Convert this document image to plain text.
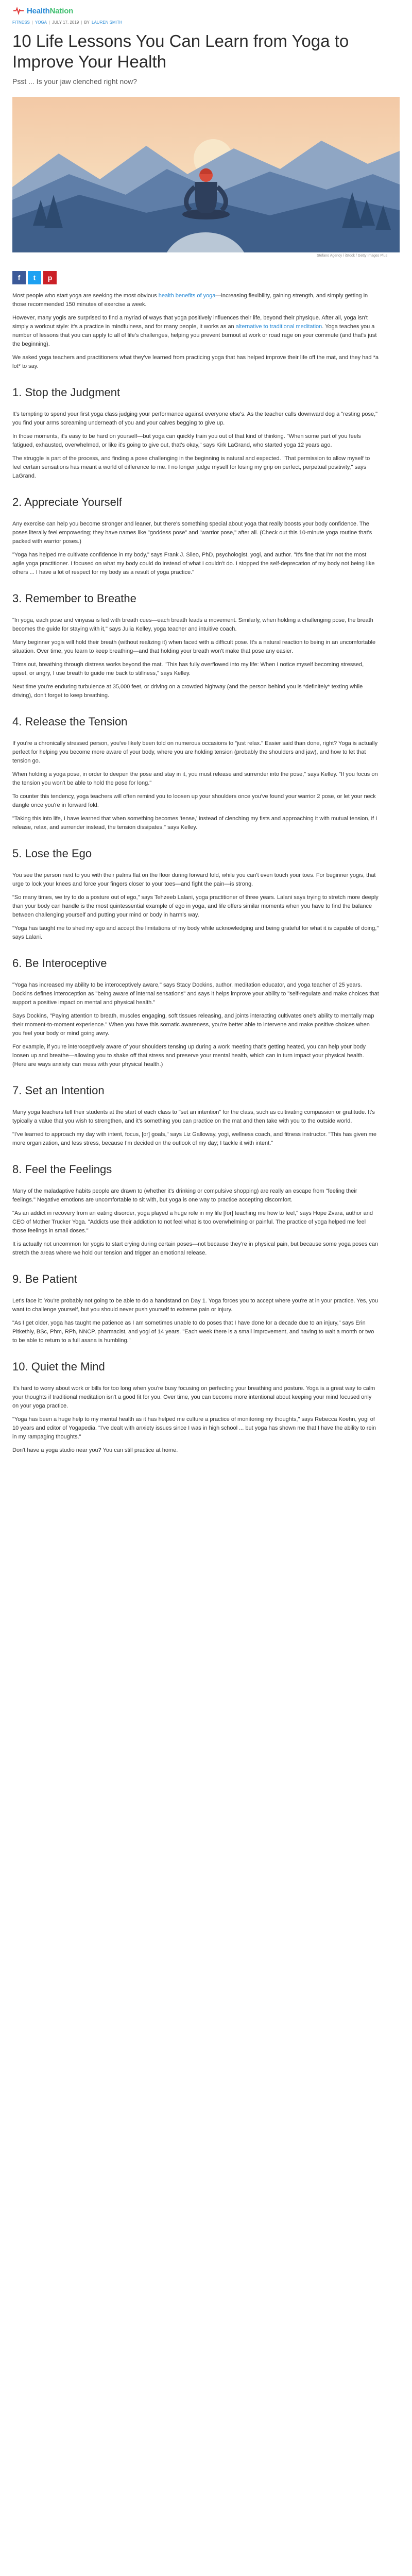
HealthNation
FITNESS | YOGA | JULY 17, 2019 | BY LAUREN SMITH
10 Life Lessons You Can Learn from Yoga to Improve Your Health
Psst ... Is your jaw clenched right now?
Stefano Agency / iStock / Getty Images Plus
f	t	p

Most people who start yoga are seeking the most obvious health benefits of yoga—increasing flexibility, gaining strength, and simply getting in those recommended 150 minutes of exercise a week.

However, many yogis are surprised to find a myriad of ways that yoga positively influences their life, beyond their physique. After all, yoga isn't simply a workout style: it's a practice in mindfulness, and for many people, it works as an alternative to traditional meditation. Yoga teaches you a number of lessons that you can apply to all of life's challenges, helping you prevent burnout at work or road rage on your commute (and that's just the beginning).

We asked yoga teachers and practitioners what they've learned from practicing yoga that has helped improve their life off the mat, and they had *a lot* to say.

1. Stop the Judgment

It's tempting to spend your first yoga class judging your performance against everyone else's. As the teacher calls downward dog a "resting pose," you find your arms screaming underneath of you and your calves begging to give up.

In those moments, it's easy to be hard on yourself—but yoga can quickly train you out of that kind of thinking. "When some part of you feels fatigued, exhausted, overwhelmed, or like it's going to give out, that's okay," says Kirk LaGrand, who started yoga 12 years ago.

The struggle is part of the process, and finding a pose challenging in the beginning is natural and expected. "That permission to allow myself to feel certain sensations has meant a world of difference to me. I no longer judge myself for losing my grip on perfect, perpetual positivity," says LaGrand.

2. Appreciate Yourself

Any exercise can help you become stronger and leaner, but there's something special about yoga that really boosts your body confidence. The poses literally feel empowering; they have names like "goddess pose" and "warrior pose," after all. (Check out this 10-minute yoga routine that's packed with warrior poses.)

"Yoga has helped me cultivate confidence in my body," says Frank J. Sileo, PhD, psychologist, yogi, and author. "It's fine that I'm not the most agile yoga practitioner. I focused on what my body could do instead of what I couldn't do. I stopped the self-deprecation of my body not being like others ... I have a lot of respect for my body as a result of yoga practice."

3. Remember to Breathe

"In yoga, each pose and vinyasa is led with breath cues—each breath leads a movement. Similarly, when holding a challenging pose, the breath becomes the guide for staying with it," says Julia Kelley, yoga teacher and intuitive coach.

Many beginner yogis will hold their breath (without realizing it) when faced with a difficult pose. It's a natural reaction to being in an uncomfortable situation. Over time, you learn to keep breathing—and that holding your breath won't make that pose any easier.

Trims out, breathing through distress works beyond the mat. "This has fully overflowed into my life: When I notice myself becoming stressed, upset, or angry, I use breath to guide me back to stillness," says Kelley.

Next time you're enduring turbulence at 35,000 feet, or driving on a crowded highway (and the person behind you is *definitely* texting while driving), don't forget to keep breathing.

4. Release the Tension

If you're a chronically stressed person, you've likely been told on numerous occasions to "just relax." Easier said than done, right? Yoga is actually perfect for helping you become more aware of your body, where you are holding tension (probably the shoulders and jaw), and how to let that tension go.

When holding a yoga pose, in order to deepen the pose and stay in it, you must release and surrender into the pose," says Kelley. "If you focus on the tension you won't be able to hold the pose for long."

To counter this tendency, yoga teachers will often remind you to loosen up your shoulders once you've found your warrior 2 pose, or let your neck dangle once you're in forward fold.

"Taking this into life, I have learned that when something becomes 'tense,' instead of clenching my fists and approaching it with mutual tension, if I release, relax, and surrender instead, the tension dissipates," says Kelley.

5. Lose the Ego

You see the person next to you with their palms flat on the floor during forward fold, while you can't even touch your toes. For beginner yogis, that urge to lock your knees and force your fingers closer to your toes—and fight the pain—is strong.

"So many times, we try to do a posture out of ego," says Tehzeeb Lalani, yoga practitioner of three years. Lalani says trying to stretch more deeply than your body can handle is the most quintessential example of ego in yoga, and life offers similar moments when you have to find the balance between challenging yourself and putting your mind or body in harm's way.

"Yoga has taught me to shed my ego and accept the limitations of my body while acknowledging and being grateful for what it is capable of doing," says Lalani.

6. Be Interoceptive

"Yoga has increased my ability to be interoceptively aware," says Stacy Dockins, author, meditation educator, and yoga teacher of 25 years. Dockins defines interoception as "being aware of internal sensations" and says it helps improve your ability to "self-regulate and make choices that support a positive impact on mental and physical health."

Says Dockins, "Paying attention to breath, muscles engaging, soft tissues releasing, and joints interacting cultivates one's ability to mentally map their moment-to-moment experience." When you have this somatic awareness, you're better able to intervene and make positive choices when you feel your body or mind going awry.

For example, if you're interoceptively aware of your shoulders tensing up during a work meeting that's getting heated, you can help your body loosen up and breathe—allowing you to shake off that stress and preserve your mental health, which can in turn impact your physical health. (Here are ways anxiety can mess with your physical health.)

7. Set an Intention

Many yoga teachers tell their students at the start of each class to "set an intention" for the class, such as cultivating compassion or gratitude. It's typically a value that you wish to strengthen, and it's something you can practice on the mat and then take with you to the outside world.

"I've learned to approach my day with intent, focus, [or] goals," says Liz Galloway, yogi, wellness coach, and fitness instructor. "This has given me more organization, and less stress, because I'm decided on the outlook of my day; I tackle it with intent."

8. Feel the Feelings

Many of the maladaptive habits people are drawn to (whether it's drinking or compulsive shopping) are really an escape from "feeling their feelings." Negative emotions are uncomfortable to sit with, but yoga is one way to practice accepting discomfort.

"As an addict in recovery from an eating disorder, yoga played a huge role in my life [for] teaching me how to feel," says Hope Zvara, author and CEO of Mother Trucker Yoga. "Addicts use their addiction to not feel what is too overwhelming or painful. The practice of yoga helped me feel those feelings in small doses."

It is actually not uncommon for yogis to start crying during certain poses—not because they're in physical pain, but because some yoga poses can stretch the areas where we hold our tension and trigger an emotional release.

9. Be Patient

Let's face it: You're probably not going to be able to do a handstand on Day 1. Yoga forces you to accept where you're at in your practice. Yes, you want to challenge yourself, but you should never push yourself to extreme pain or injury.

"As I get older, yoga has taught me patience as I am sometimes unable to do poses that I have done for a decade due to an injury," says Erin Pitkethly, BSc, Phm, RPh, NNCP, pharmacist, and yogi of 14 years. "Each week there is a small improvement, and having to wait a month or two to be able to return to a full asana is humbling."

10. Quiet the Mind

It's hard to worry about work or bills for too long when you're busy focusing on perfecting your breathing and posture. Yoga is a great way to calm your thoughts if traditional meditation isn't a good fit for you. Over time, you can become more intentional about keeping your mind focused only on your yoga practice.

"Yoga has been a huge help to my mental health as it has helped me culture a practice of monitoring my thoughts," says Rebecca Koehn, yogi of 10 years and editor of Yogapedia. "I've dealt with anxiety issues since I was in high school ... but yoga has shown me that I have the ability to rein in my rampaging thoughts."

Don't have a yoga studio near you? You can still practice at home.
